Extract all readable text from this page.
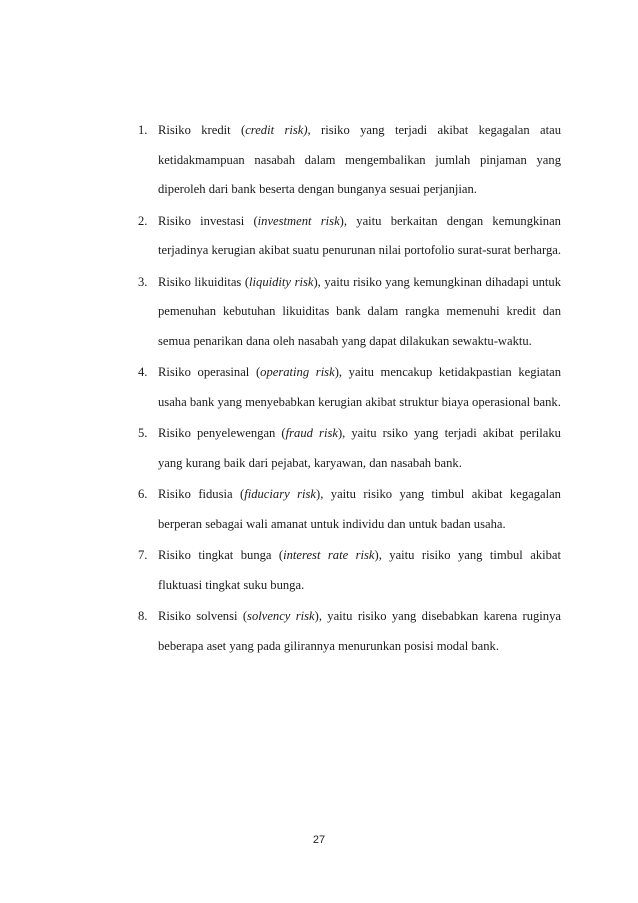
1. Risiko kredit (credit risk), risiko yang terjadi akibat kegagalan atau ketidakmampuan nasabah dalam mengembalikan jumlah pinjaman yang diperoleh dari bank beserta dengan bunganya sesuai perjanjian.
2. Risiko investasi (investment risk), yaitu berkaitan dengan kemungkinan terjadinya kerugian akibat suatu penurunan nilai portofolio surat-surat berharga.
3. Risiko likuiditas (liquidity risk), yaitu risiko yang kemungkinan dihadapi untuk pemenuhan kebutuhan likuiditas bank dalam rangka memenuhi kredit dan semua penarikan dana oleh nasabah yang dapat dilakukan sewaktu-waktu.
4. Risiko operasinal (operating risk), yaitu mencakup ketidakpastian kegiatan usaha bank yang menyebabkan kerugian akibat struktur biaya operasional bank.
5. Risiko penyelewengan (fraud risk), yaitu rsiko yang terjadi akibat perilaku yang kurang baik dari pejabat, karyawan, dan nasabah bank.
6. Risiko fidusia (fiduciary risk), yaitu risiko yang timbul akibat kegagalan berperan sebagai wali amanat untuk individu dan untuk badan usaha.
7. Risiko tingkat bunga (interest rate risk), yaitu risiko yang timbul akibat fluktuasi tingkat suku bunga.
8. Risiko solvensi (solvency risk), yaitu risiko yang disebabkan karena ruginya beberapa aset yang pada gilirannya menurunkan posisi modal bank.
27
